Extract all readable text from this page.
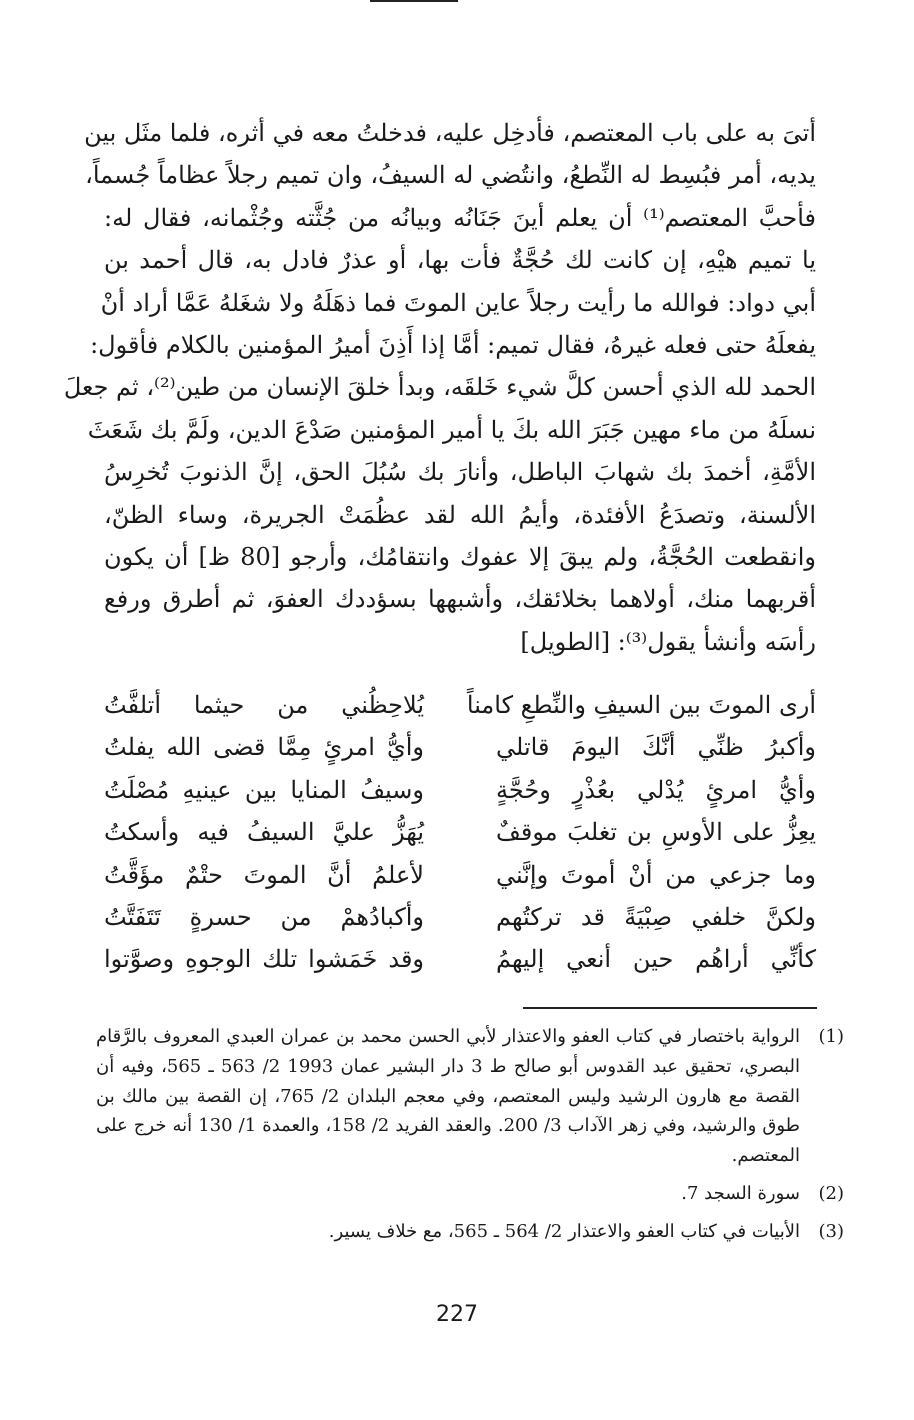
أتىَ به على باب المعتصم، فأدخِل عليه، فدخلتُ معه في أثره، فلما مثَل بين
يديه، أمر فبُسِط له النِّطعُ، وانتُضي له السيفُ، وان تميم رجلاً عظاماً جُسماً،
فأحبَّ المعتصم⁽¹⁾ أن يعلم أينَ جَنَانُه وبيانُه من جُثَّته وجُثْمانه، فقال له:
يا تميم هيْهِ، إن كانت لك حُجَّةٌ فأت بها، أو عذرٌ فادل به، قال أحمد بن
أبي دواد: فوالله ما رأيت رجلاً عاين الموتَ فما ذهَلَهُ ولا شغَلهُ عَمَّا أراد أنْ
يفعلَهُ حتى فعله غيرهُ، فقال تميم: أمَّا إذا أَذِنَ أميرُ المؤمنين بالكلام فأقول:
الحمد لله الذي أحسن كلَّ شيء خَلقَه، وبدأ خلقَ الإنسان من طين⁽²⁾، ثم جعلَ
نسلَهُ من ماء مهين جَبَرَ الله بكَ يا أمير المؤمنين صَدْعَ الدين، ولَمَّ بك شَعَثَ
الأمَّةِ، أخمدَ بك شهابَ الباطل، وأنارَ بك سُبُلَ الحق، إنَّ الذنوبَ تُخرِسُ
الألسنة، وتصدَعُ الأفئدة، وأيمُ الله لقد عظُمَتْ الجريرة، وساء الظنّ،
وانقطعت الحُجَّةُ، ولم يبقَ إلا عفوك وانتقامُك، وأرجو [80 ظ] أن يكون
أقربهما منك، أولاهما بخلائقك، وأشبهها بسؤددك العفوَ، ثم أطرق ورفع
رأسَه وأنشأ يقول⁽³⁾: [الطويل]
أرى الموتَ بين السيفِ والنِّطعِ كامناً
يُلاحِظُني من حيثما أتلفَّتُ
وأكبرُ ظنِّي أنَّكَ اليومَ قاتلي
وأيُّ امرئٍ مِمَّا قضى الله يفلتُ
وأيُّ امرئٍ يُدْلي بعُذْرٍ وحُجَّةٍ
وسيفُ المنايا بين عينيهِ مُصْلَتُ
يعِزُّ على الأوسِ بن تغلبَ موقفٌ
يُهَزُّ عليَّ السيفُ فيه وأسكتُ
وما جزعي من أنْ أموتَ وإنَّني
لأعلمُ أنَّ الموتَ حتْمٌ مؤَقَّتُ
ولكنَّ خلفي صِبْيَةً قد تركتُهم
وأكبادُهمْ من حسرةٍ تَتَفَتَّتُ
كأنِّي أراهُم حين أنعي إليهمُ
وقد خَمَشوا تلك الوجوهِ وصوَّتوا
(1)
الرواية باختصار في كتاب العفو والاعتذار لأبي الحسن محمد بن عمران العبدي المعروف بالرَّقام البصري، تحقيق عبد القدوس أبو صالح ط 3 دار البشير عمان 1993 2/ 563 ـ 565، وفيه أن القصة مع هارون الرشيد وليس المعتصم، وفي معجم البلدان 2/ 765، إن القصة بين مالك بن طوق والرشيد، وفي زهر الآداب 3/ 200. والعقد الفريد 2/ 158، والعمدة 1/ 130 أنه خرج على المعتصم.
(2)
سورة السجد 7.
(3)
الأبيات في كتاب العفو والاعتذار 2/ 564 ـ 565، مع خلاف يسير.
227
